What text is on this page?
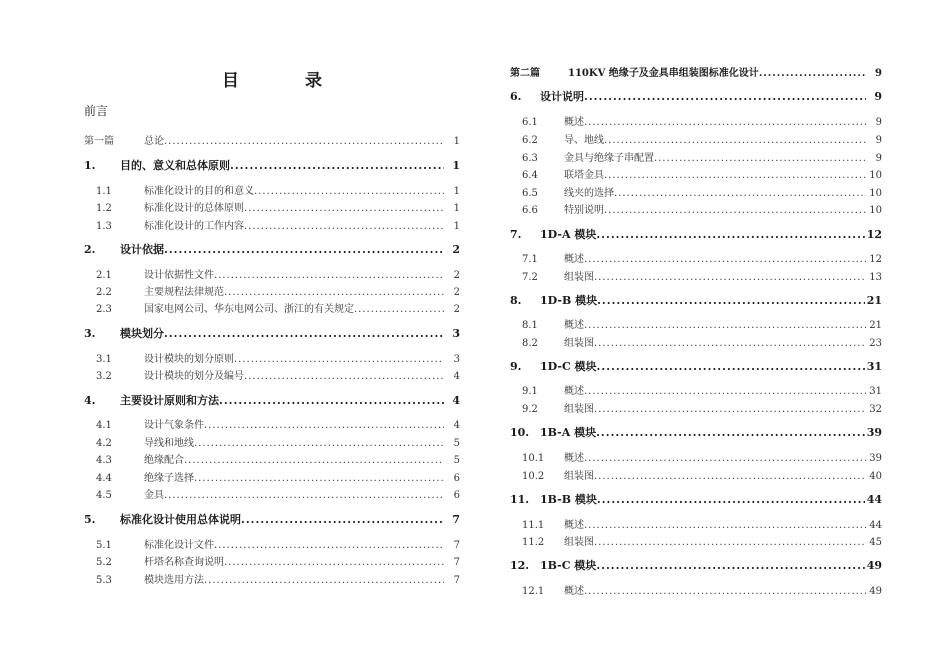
目 录
前言
第一篇	总论 .....	1
1.	目的、意义和总体原则 .....	1
1.1	标准化设计的目的和意义 .....	1
1.2	标准化设计的总体原则 .....	1
1.3	标准化设计的工作内容 .....	1
2.	设计依据 .....	2
2.1	设计依据性文件 .....	2
2.2	主要规程法律规范 .....	2
2.3	国家电网公司、华东电网公司、浙江的有关规定 .....	2
3.	模块划分 .....	3
3.1	设计模块的划分原则 .....	3
3.2	设计模块的划分及编号 .....	4
4.	主要设计原则和方法 .....	4
4.1	设计气象条件 .....	4
4.2	导线和地线 .....	5
4.3	绝缘配合 .....	5
4.4	绝缘子选择 .....	6
4.5	金具 .....	6
5.	标准化设计使用总体说明 .....	7
5.1	标准化设计文件 .....	7
5.2	杆塔名称查询说明 .....	7
5.3	模块选用方法 .....	7
第二篇	110KV 绝缘子及金具串组装图标准化设计 .....	9
6.	设计说明 .....	9
6.1	概述 .....	9
6.2	导、地线 .....	9
6.3	金具与绝缘子串配置 .....	9
6.4	联塔金具 .....	10
6.5	线夹的选择 .....	10
6.6	特别说明 .....	10
7.	1D-A 模块 .....	12
7.1	概述 .....	12
7.2	组装图 .....	13
8.	1D-B 模块 .....	21
8.1	概述 .....	21
8.2	组装图 .....	23
9.	1D-C 模块 .....	31
9.1	概述 .....	31
9.2	组装图 .....	32
10. 1B-A 模块 .....	39
10.1	概述 .....	39
10.2	组装图 .....	40
11. 1B-B 模块 .....	44
11.1	概述 .....	44
11.2	组装图 .....	45
12. 1B-C 模块 .....	49
12.1	概述 .....	49
